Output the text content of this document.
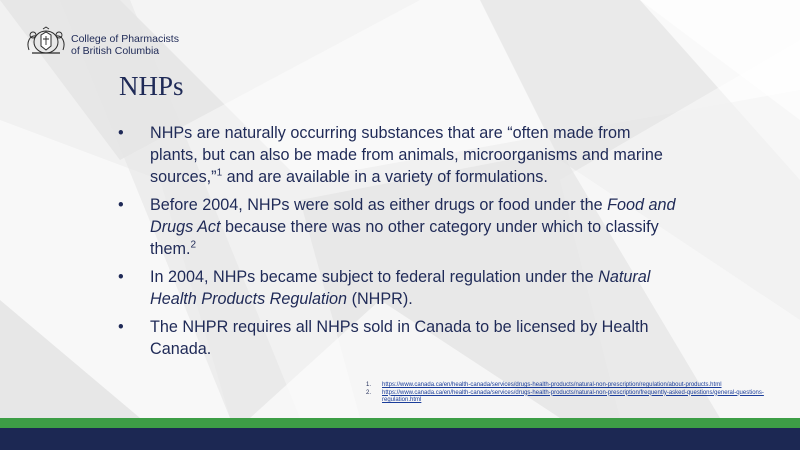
College of Pharmacists
of British Columbia
NHPs
• NHPs are naturally occurring substances that are “often made from plants, but can also be made from animals, microorganisms and marine sources,”$^1$ and are available in a variety of formulations.
• Before 2004, NHPs were sold as either drugs or food under the Food and Drugs Act because there was no other category under which to classify them.$^2$
• In 2004, NHPs became subject to federal regulation under the Natural Health Products Regulation (NHPR).
• The NHPR requires all NHPs sold in Canada to be licensed by Health Canada.
1. https://www.canada.ca/en/health-canada/services/drugs-health-products/natural-non-prescription/regulation/about-products.html
2. https://www.canada.ca/en/health-canada/services/drugs-health-products/natural-non-prescription/frequently-asked-questions/general-questions-regulation.html
